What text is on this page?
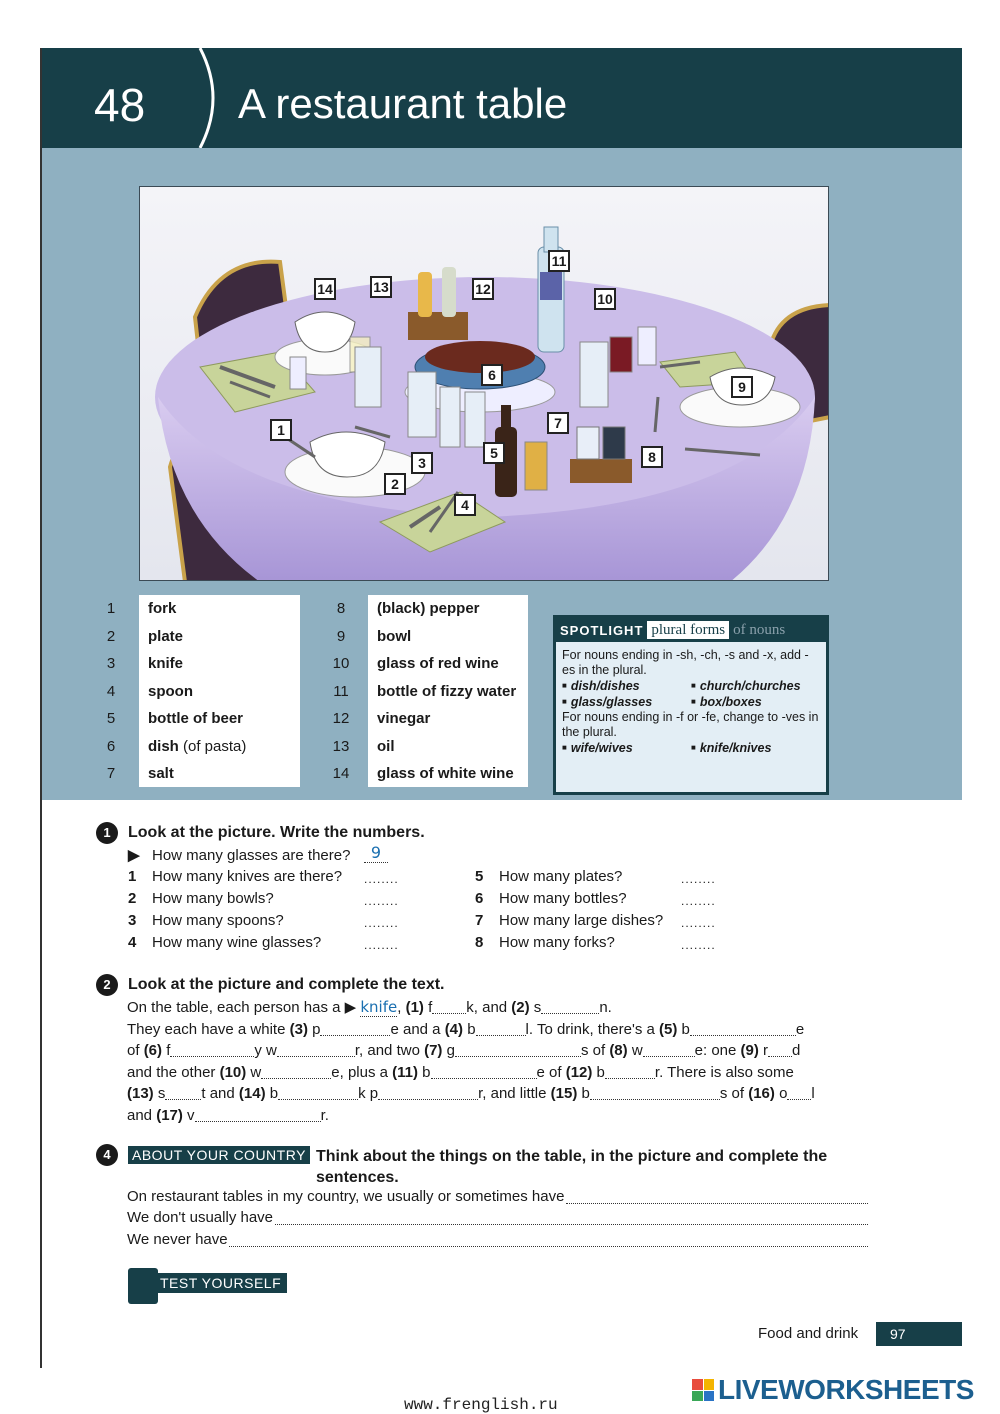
48 A restaurant table
1
2
3
4
5
6
7
8
9
10
11
12
13
14
1	fork
2	plate
3	knife
4	spoon
5	bottle of beer
6	dish (of pasta)
7	salt
8	(black) pepper
9	bowl
10	glass of red wine
11	bottle of fizzy water
12	vinegar
13	oil
14	glass of white wine
SPOTLIGHT plural forms of nouns
For nouns ending in -sh, -ch, -s and -x, add -es in the plural.
■ dish/dishes	■ church/churches
■ glass/glasses	■ box/boxes
For nouns ending in -f or -fe, change to -ves in the plural.
■ wife/wives	■ knife/knives
1	Look at the picture. Write the numbers.
▶ How many glasses are there?	9
1 How many knives are there? ........
2 How many bowls?	........
3 How many spoons?	........
4 How many wine glasses?	........
5 How many plates?	........
6 How many bottles?	........
7 How many large dishes? ........
8 How many forks?	........
2	Look at the picture and complete the text.
On the table, each person has a ▶ knife, (1) f k, and (2) s	n.
They each have a white (3) p	e and a (4) b	l. To drink, there's a (5) b	e
of (6) f	y w	r, and two (7) g	s of (8) w	e: one (9) r d
and the other (10) w	e, plus a (11) b	e of (12) b	r. There is also some
(13) s t and (14) b	k p	r, and little (15) b	s of (16) o l
and (17) v	r.
4	ABOUT YOUR COUNTRY Think about the things on the table, in the picture and complete the sentences.
On restaurant tables in my country, we usually or sometimes have
We don't usually have
We never have
TEST YOURSELF
Food and drink	97
www.frenglish.ru	LIVEWORKSHEETS
